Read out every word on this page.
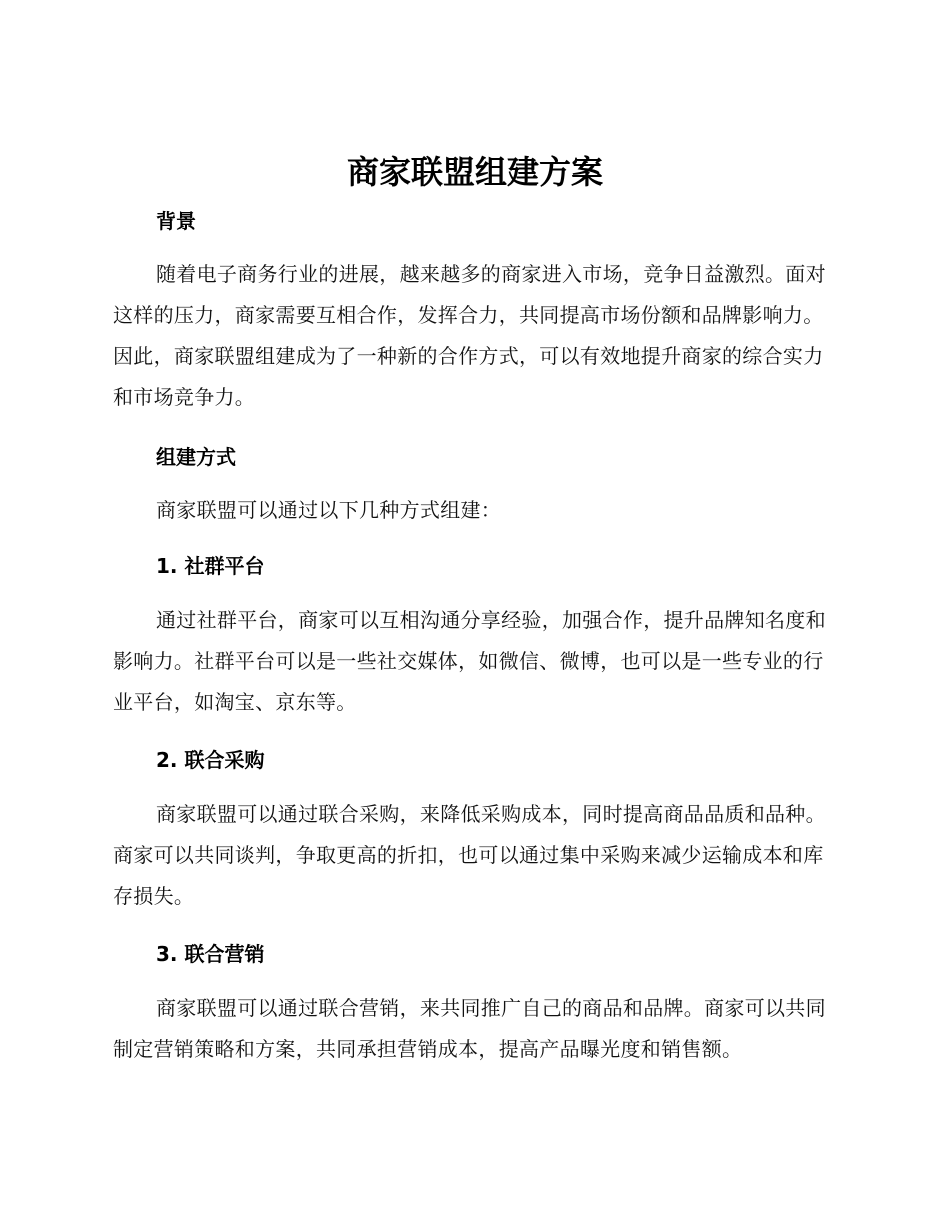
商家联盟组建方案
背景

随着电子商务行业的进展，越来越多的商家进入市场，竞争日益激烈。面对这样的压力，商家需要互相合作，发挥合力，共同提高市场份额和品牌影响力。因此，商家联盟组建成为了一种新的合作方式，可以有效地提升商家的综合实力和市场竞争力。

组建方式

商家联盟可以通过以下几种方式组建：

1. 社群平台

通过社群平台，商家可以互相沟通分享经验，加强合作，提升品牌知名度和影响力。社群平台可以是一些社交媒体，如微信、微博，也可以是一些专业的行业平台，如淘宝、京东等。

2. 联合采购

商家联盟可以通过联合采购，来降低采购成本，同时提高商品品质和品种。商家可以共同谈判，争取更高的折扣，也可以通过集中采购来减少运输成本和库存损失。

3. 联合营销

商家联盟可以通过联合营销，来共同推广自己的商品和品牌。商家可以共同制定营销策略和方案，共同承担营销成本，提高产品曝光度和销售额。
